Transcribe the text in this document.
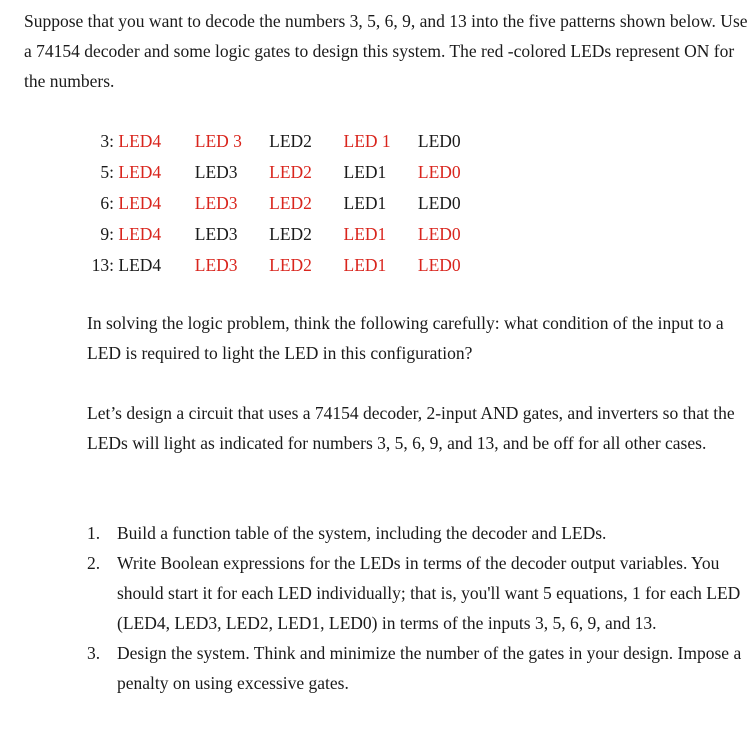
Suppose that you want to decode the numbers 3, 5, 6, 9, and 13 into the five patterns shown below. Use a 74154 decoder and some logic gates to design this system. The red -colored LEDs represent ON for the numbers.

3: LED4 LED 3 LED2 LED 1 LED0
5: LED4 LED3 LED2 LED1 LED0
6: LED4 LED3 LED2 LED1 LED0
9: LED4 LED3 LED2 LED1 LED0
13: LED4 LED3 LED2 LED1 LED0

In solving the logic problem, think the following carefully: what condition of the input to a LED is required to light the LED in this configuration?

Let’s design a circuit that uses a 74154 decoder, 2-input AND gates, and inverters so that the LEDs will light as indicated for numbers 3, 5, 6, 9, and 13, and be off for all other cases.

1. Build a function table of the system, including the decoder and LEDs.
2. Write Boolean expressions for the LEDs in terms of the decoder output variables. You should start it for each LED individually; that is, you'll want 5 equations, 1 for each LED (LED4, LED3, LED2, LED1, LED0) in terms of the inputs 3, 5, 6, 9, and 13.
3. Design the system. Think and minimize the number of the gates in your design. Impose a penalty on using excessive gates.
